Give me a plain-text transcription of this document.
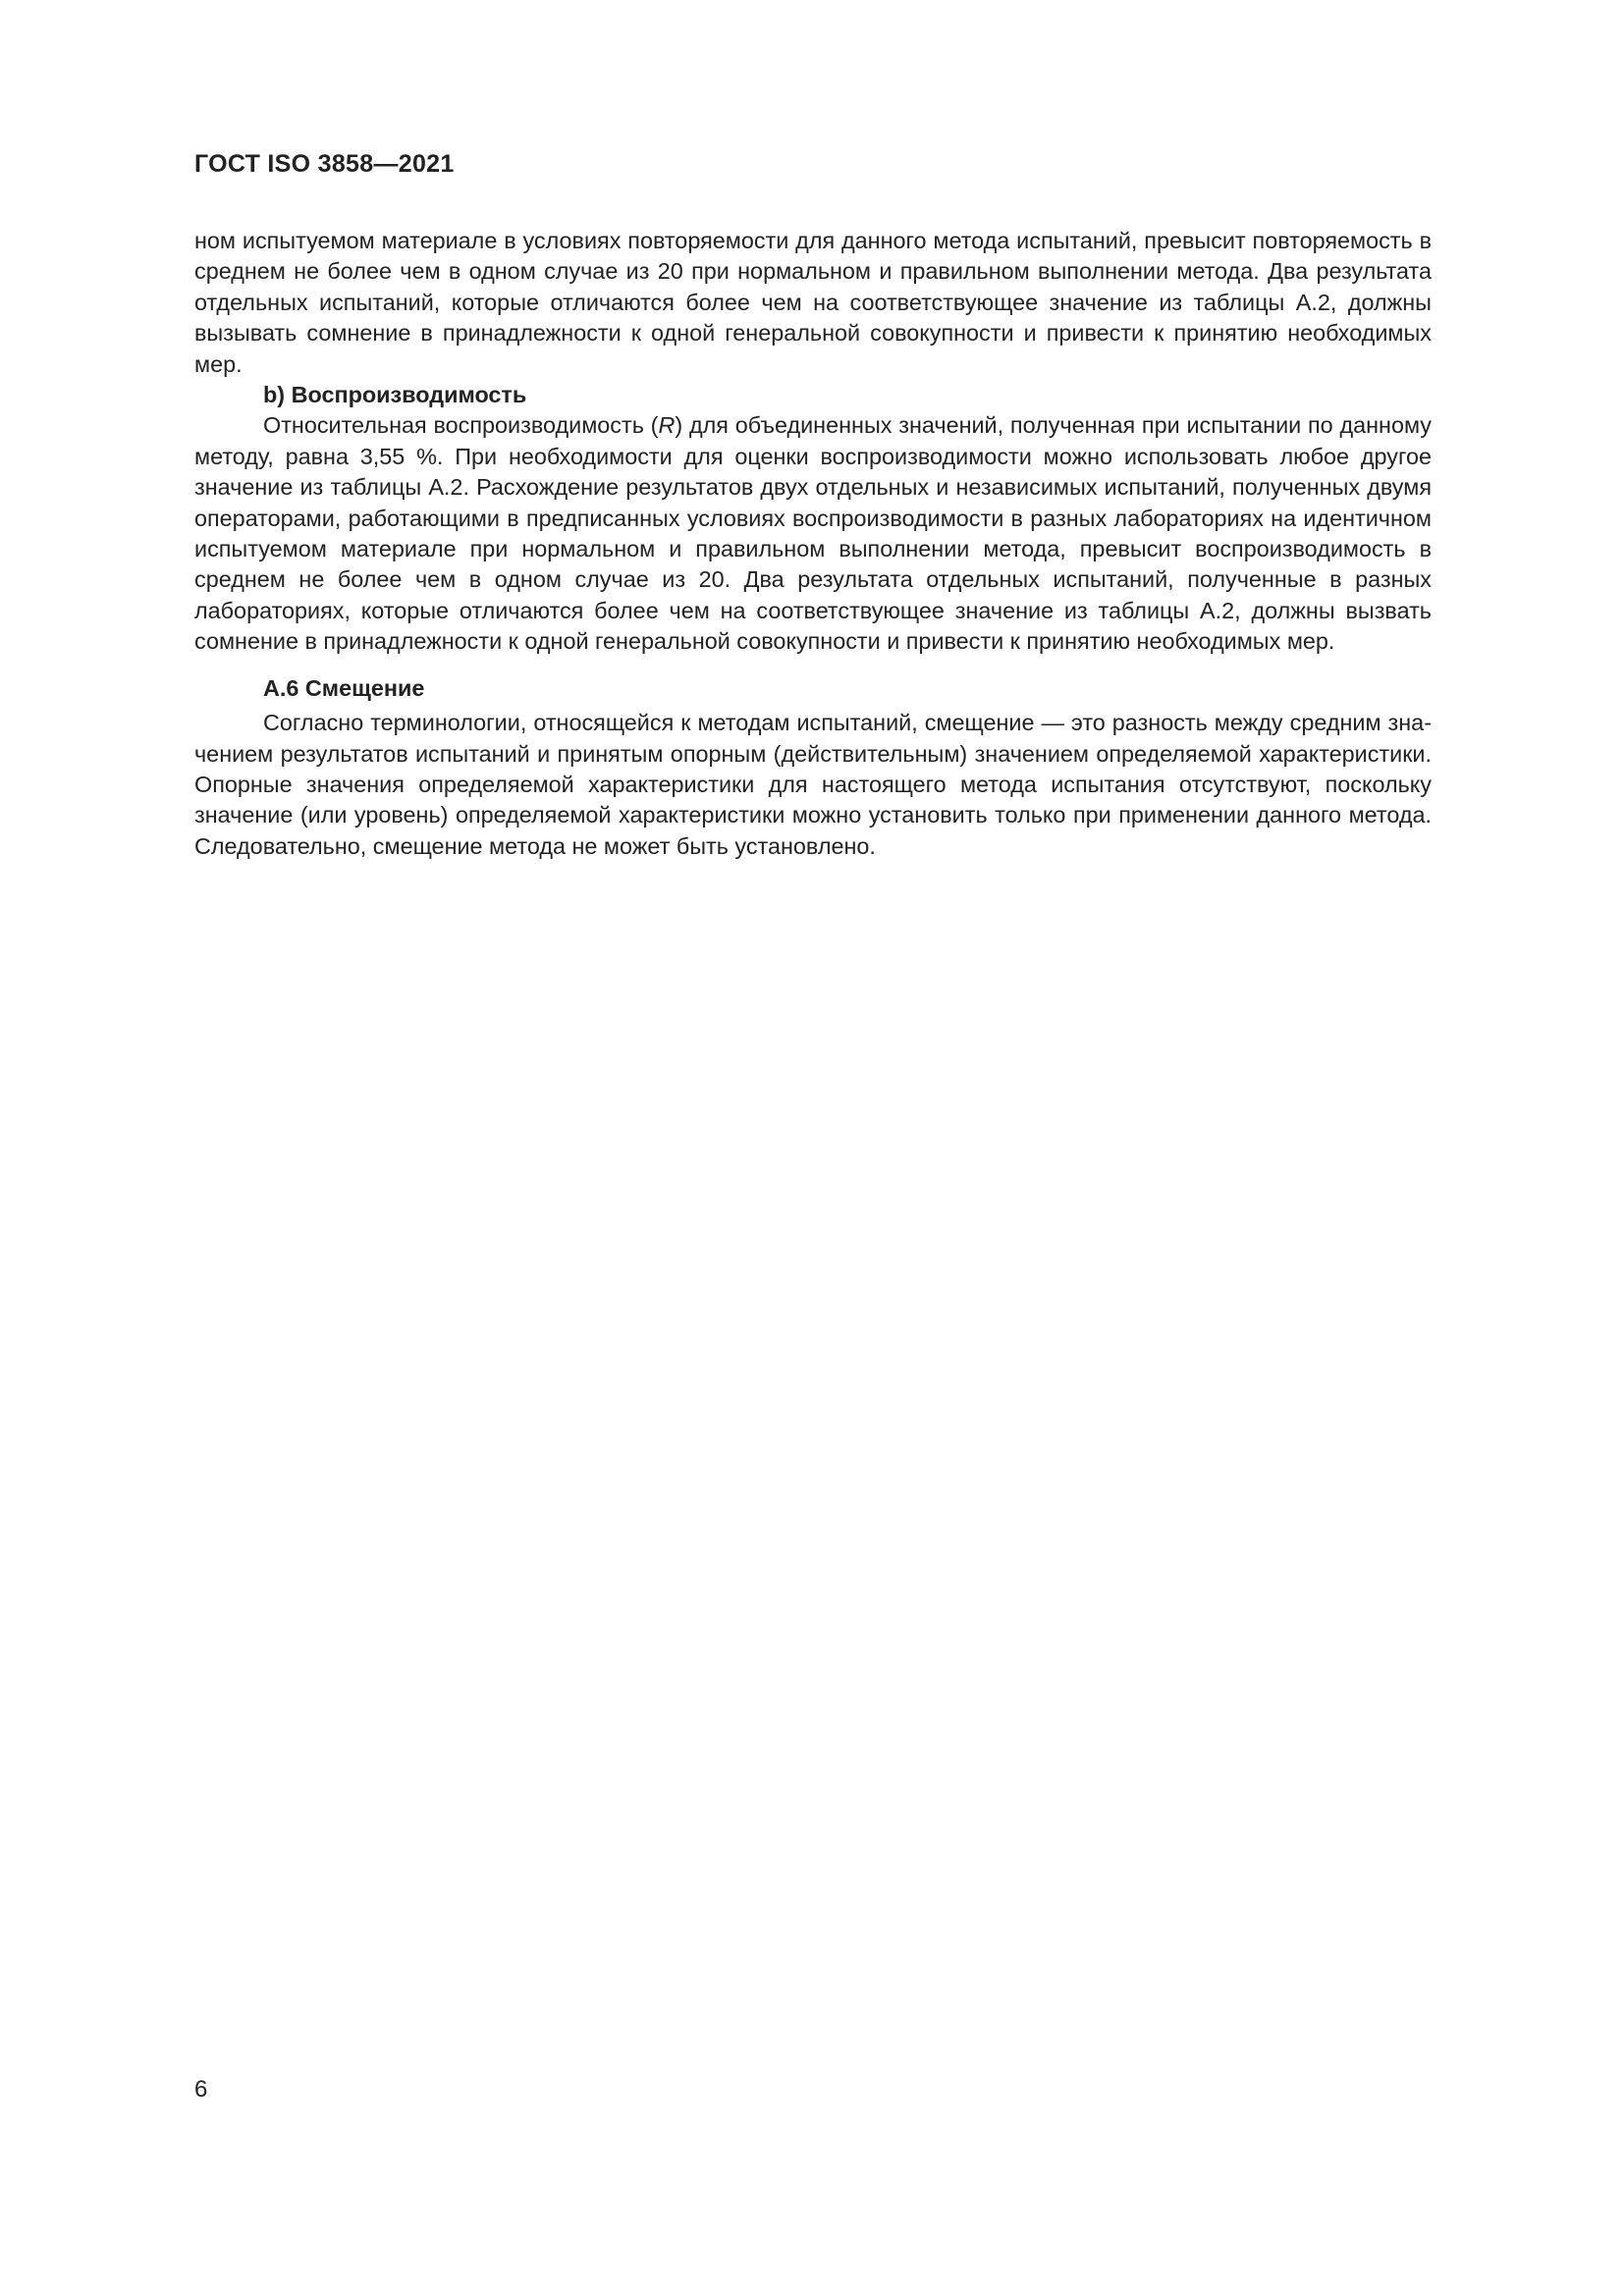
ГОСТ ISO 3858—2021

ном испытуемом материале в условиях повторяемости для данного метода испытаний, превысит повторяемость в среднем не более чем в одном случае из 20 при нормальном и правильном выполнении метода. Два результата отдельных испытаний, которые отличаются более чем на соответствующее значение из таблицы А.2, должны вызывать сомнение в принадлежности к одной генеральной совокупности и привести к принятию необходимых мер.

b) Воспроизводимость

Относительная воспроизводимость (R) для объединенных значений, полученная при испытании по данному методу, равна 3,55 %. При необходимости для оценки воспроизводимости можно использовать любое другое значение из таблицы А.2. Расхождение результатов двух отдельных и независимых испытаний, полученных двумя операторами, работающими в предписанных условиях воспроизводимости в разных лабораториях на идентичном испытуемом материале при нормальном и правильном выполнении метода, превысит воспроизводимость в среднем не более чем в одном случае из 20. Два результата отдельных испытаний, полученные в разных лабораториях, которые отличаются более чем на соответствующее значение из таблицы А.2, должны вызвать сомнение в принадлежности к одной генеральной совокупности и привести к принятию необходимых мер.

А.6 Смещение

Согласно терминологии, относящейся к методам испытаний, смещение — это разность между средним значением результатов испытаний и принятым опорным (действительным) значением определяемой характеристики. Опорные значения определяемой характеристики для настоящего метода испытания отсутствуют, поскольку значение (или уровень) определяемой характеристики можно установить только при применении данного метода. Следовательно, смещение метода не может быть установлено.

6
